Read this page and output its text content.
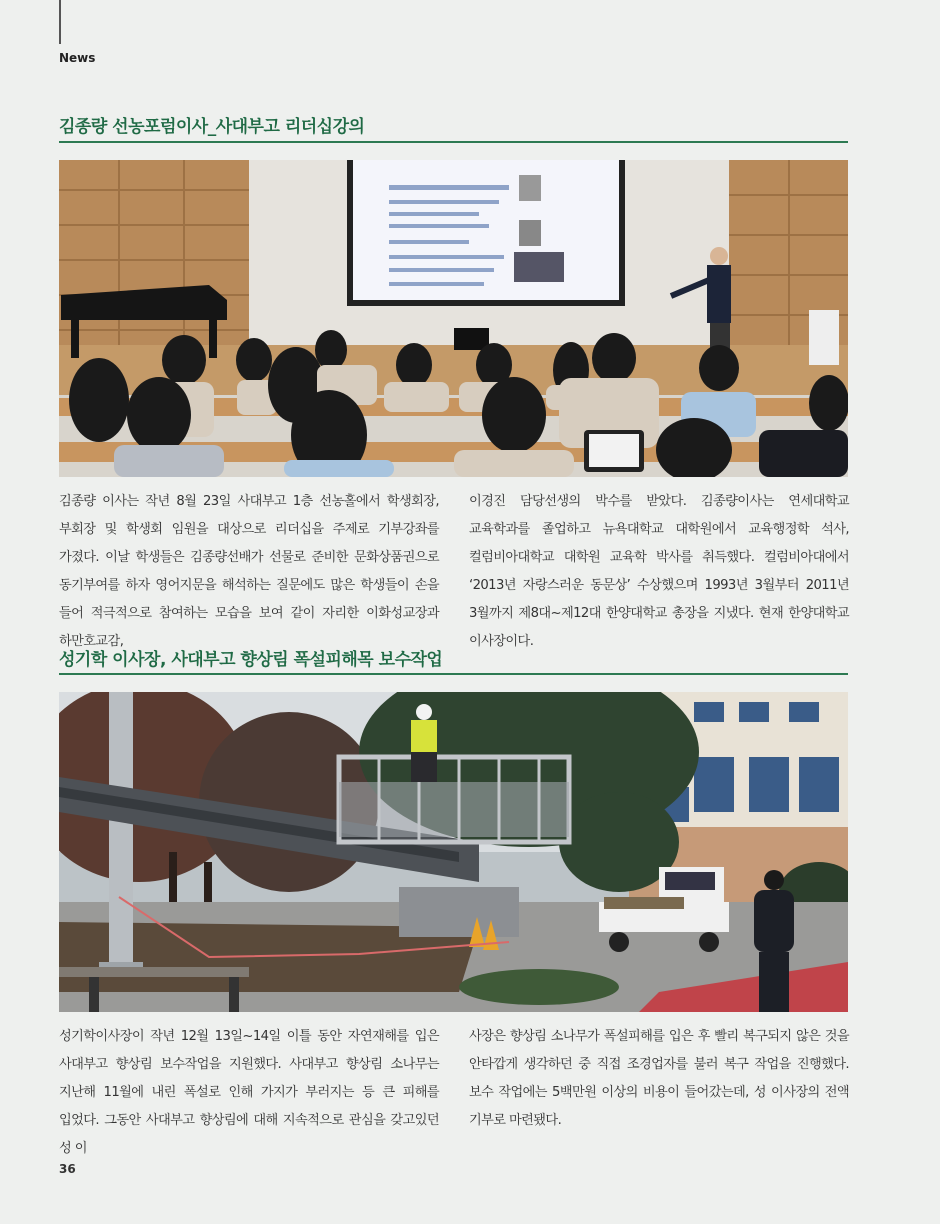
News
김종량 선농포럼이사_사대부고 리더십강의
김종량 이사는 작년 8월 23일 사대부고 1층 선농홀에서 학생회장, 부회장 및 학생회 임원을 대상으로 리더십을 주제로 기부강좌를 가졌다. 이날 학생들은 김종량선배가 선물로 준비한 문화상품권으로 동기부여를 하자 영어지문을 해석하는 질문에도 많은 학생들이 손을 들어 적극적으로 참여하는 모습을 보여 같이 자리한 이화성교장과 하만호교감,
이경진 담당선생의 박수를 받았다. 김종량이사는 연세대학교 교육학과를 졸업하고 뉴욕대학교 대학원에서 교육행정학 석사, 컬럼비아대학교 대학원 교육학 박사를 취득했다. 컬럼비아대에서 ‘2013년 자랑스러운 동문상’ 수상했으며 1993년 3월부터 2011년 3월까지 제8대~제12대 한양대학교 총장을 지냈다. 현재 한양대학교 이사장이다.
성기학 이사장, 사대부고 향상림 폭설피해목 보수작업
성기학이사장이 작년 12월 13일~14일 이틀 동안 자연재해를 입은 사대부고 향상림 보수작업을 지원했다. 사대부고 향상림 소나무는 지난해 11월에 내린 폭설로 인해 가지가 부러지는 등 큰 피해를 입었다. 그동안 사대부고 향상림에 대해 지속적으로 관심을 갖고있던 성 이
사장은 향상림 소나무가 폭설피해를 입은 후 빨리 복구되지 않은 것을 안타깝게 생각하던 중 직접 조경업자를 불러 복구 작업을 진행했다. 보수 작업에는 5백만원 이상의 비용이 들어갔는데, 성 이사장의 전액 기부로 마련됐다.
36
